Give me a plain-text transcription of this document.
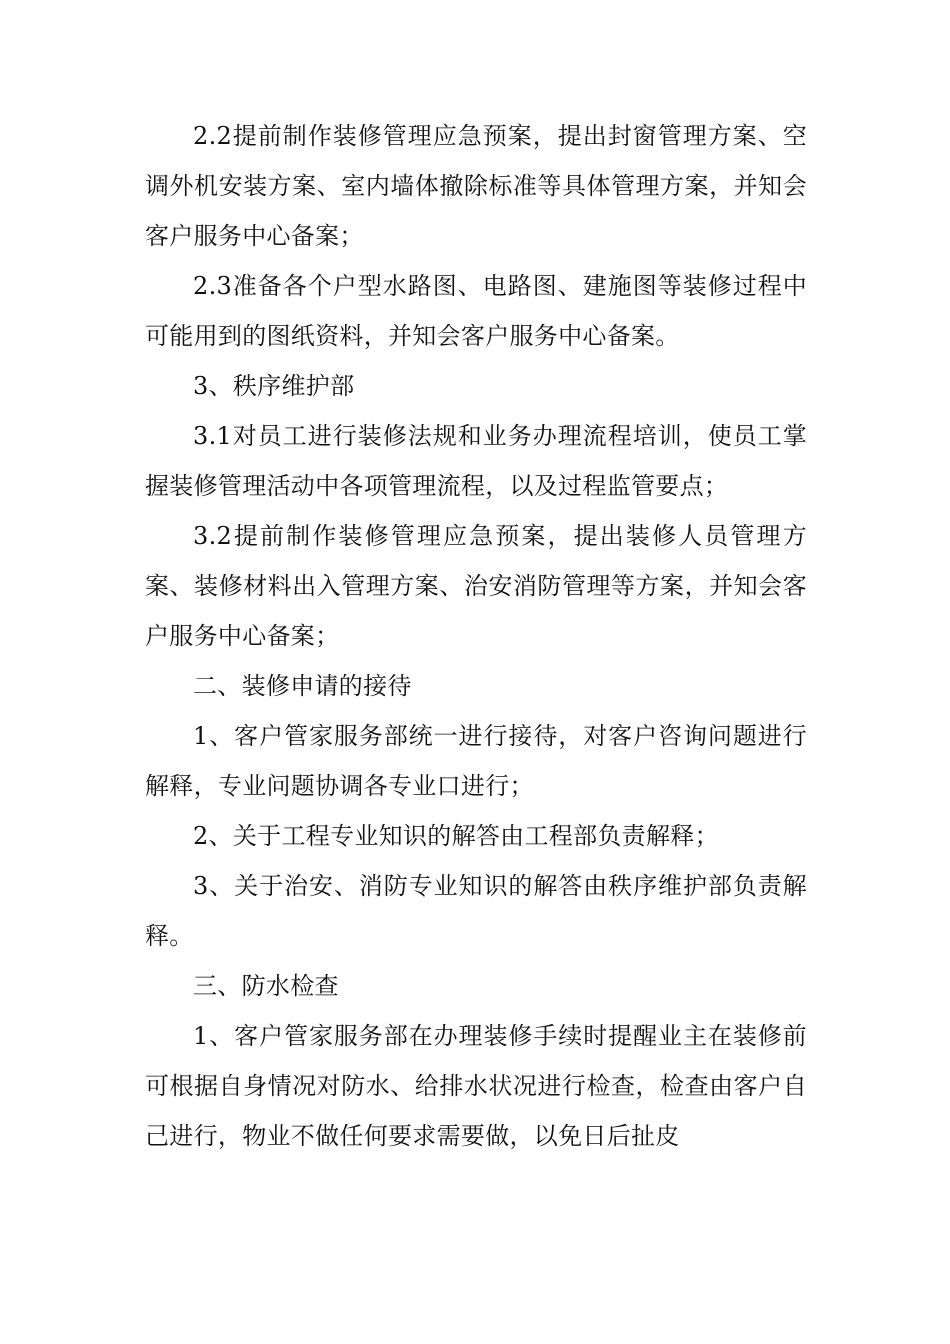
2.2提前制作装修管理应急预案，提出封窗管理方案、空调外机安装方案、室内墙体撤除标准等具体管理方案，并知会客户服务中心备案；

2.3准备各个户型水路图、电路图、建施图等装修过程中可能用到的图纸资料，并知会客户服务中心备案。

3、秩序维护部

3.1对员工进行装修法规和业务办理流程培训，使员工掌握装修管理活动中各项管理流程，以及过程监管要点；

3.2提前制作装修管理应急预案，提出装修人员管理方案、装修材料出入管理方案、治安消防管理等方案，并知会客户服务中心备案；

二、装修申请的接待

1、客户管家服务部统一进行接待，对客户咨询问题进行解释，专业问题协调各专业口进行；

2、关于工程专业知识的解答由工程部负责解释；

3、关于治安、消防专业知识的解答由秩序维护部负责解释。

三、防水检查

1、客户管家服务部在办理装修手续时提醒业主在装修前可根据自身情况对防水、给排水状况进行检查，检查由客户自己进行，物业不做任何要求需要做，以免日后扯皮
